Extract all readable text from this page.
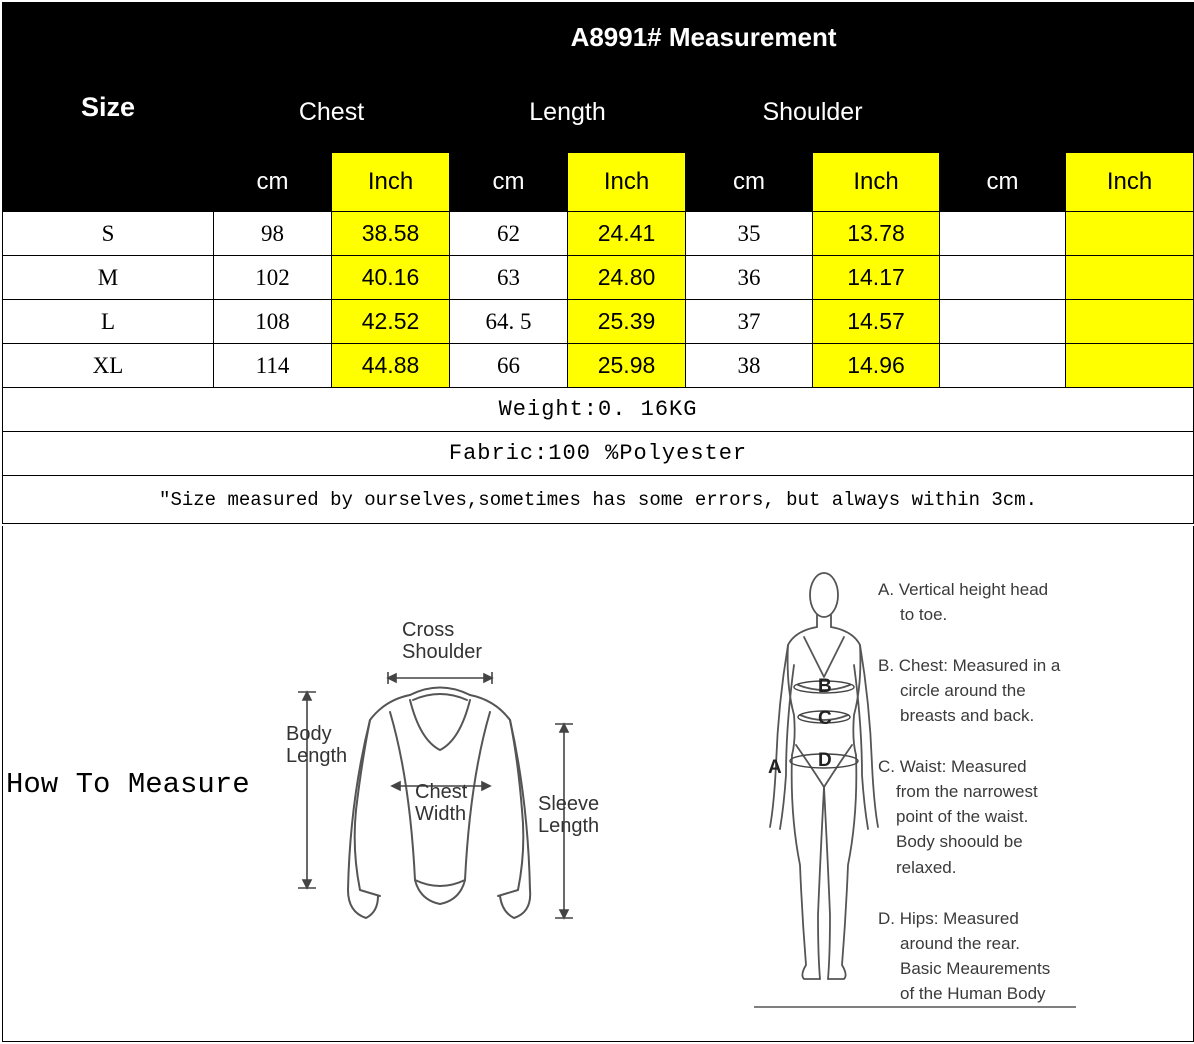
Size	A8991# Measurement							
	Chest		Length		Shoulder			
	cm	Inch	cm	Inch	cm	Inch	cm	Inch
S	98	38.58	62	24.41	35	13.78		
M	102	40.16	63	24.80	36	14.17		
L	108	42.52	64. 5	25.39	37	14.57		
XL	114	44.88	66	25.98	38	14.96		
Weight:0. 16KG								
Fabric:100 %Polyester								
"Size measured by ourselves,sometimes has some errors, but always within 3cm.								
How To Measure
Cross
Shoulder
Body
Length
Chest
Width	Sleeve
Length
A
B
C
D
A. Vertical height head
to toe.
B. Chest: Measured in a
circle around the
breasts and back.
C. Waist: Measured
from the narrowest
point of the waist.
Body shoould be
relaxed.
D. Hips: Measured
around the rear.
Basic Meaurements
of the Human Body
